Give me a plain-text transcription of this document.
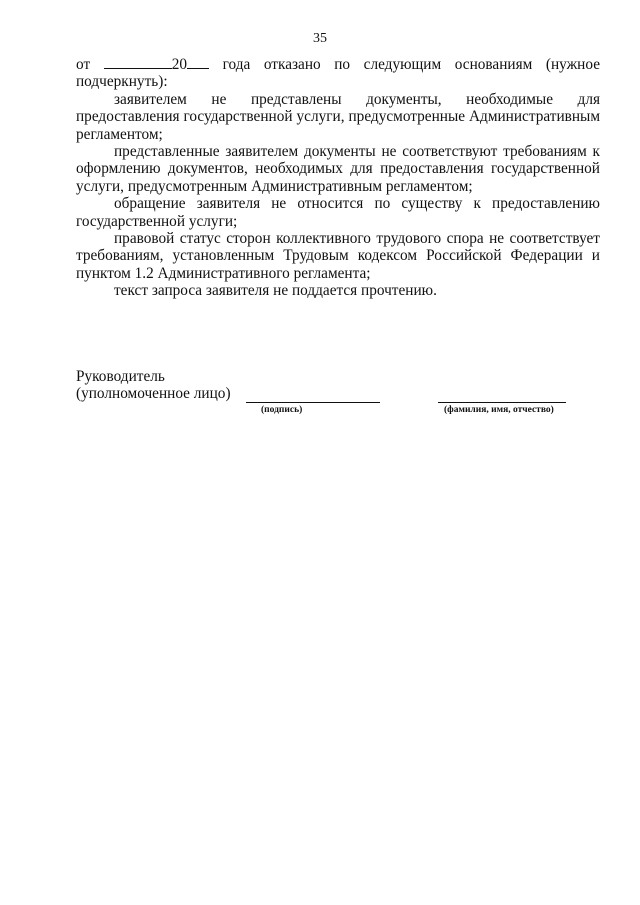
35
от	20	года отказано по следующим основаниям (нужное

подчеркнуть):

заявителем не представлены документы, необходимые для предоставления государственной услуги, предусмотренные Административным регламентом;

представленные заявителем документы не соответствуют требованиям к оформлению документов, необходимых для предоставления государственной услуги, предусмотренным Административным регламентом;

обращение заявителя не относится по существу к предоставлению государственной услуги;

правовой статус сторон коллективного трудового спора не соответствует требованиям, установленным Трудовым кодексом Российской Федерации и пунктом 1.2 Административного регламента;

текст запроса заявителя не поддается прочтению.

Руководитель
(уполномоченное лицо)
(подпись)	(фамилия, имя, отчество)
